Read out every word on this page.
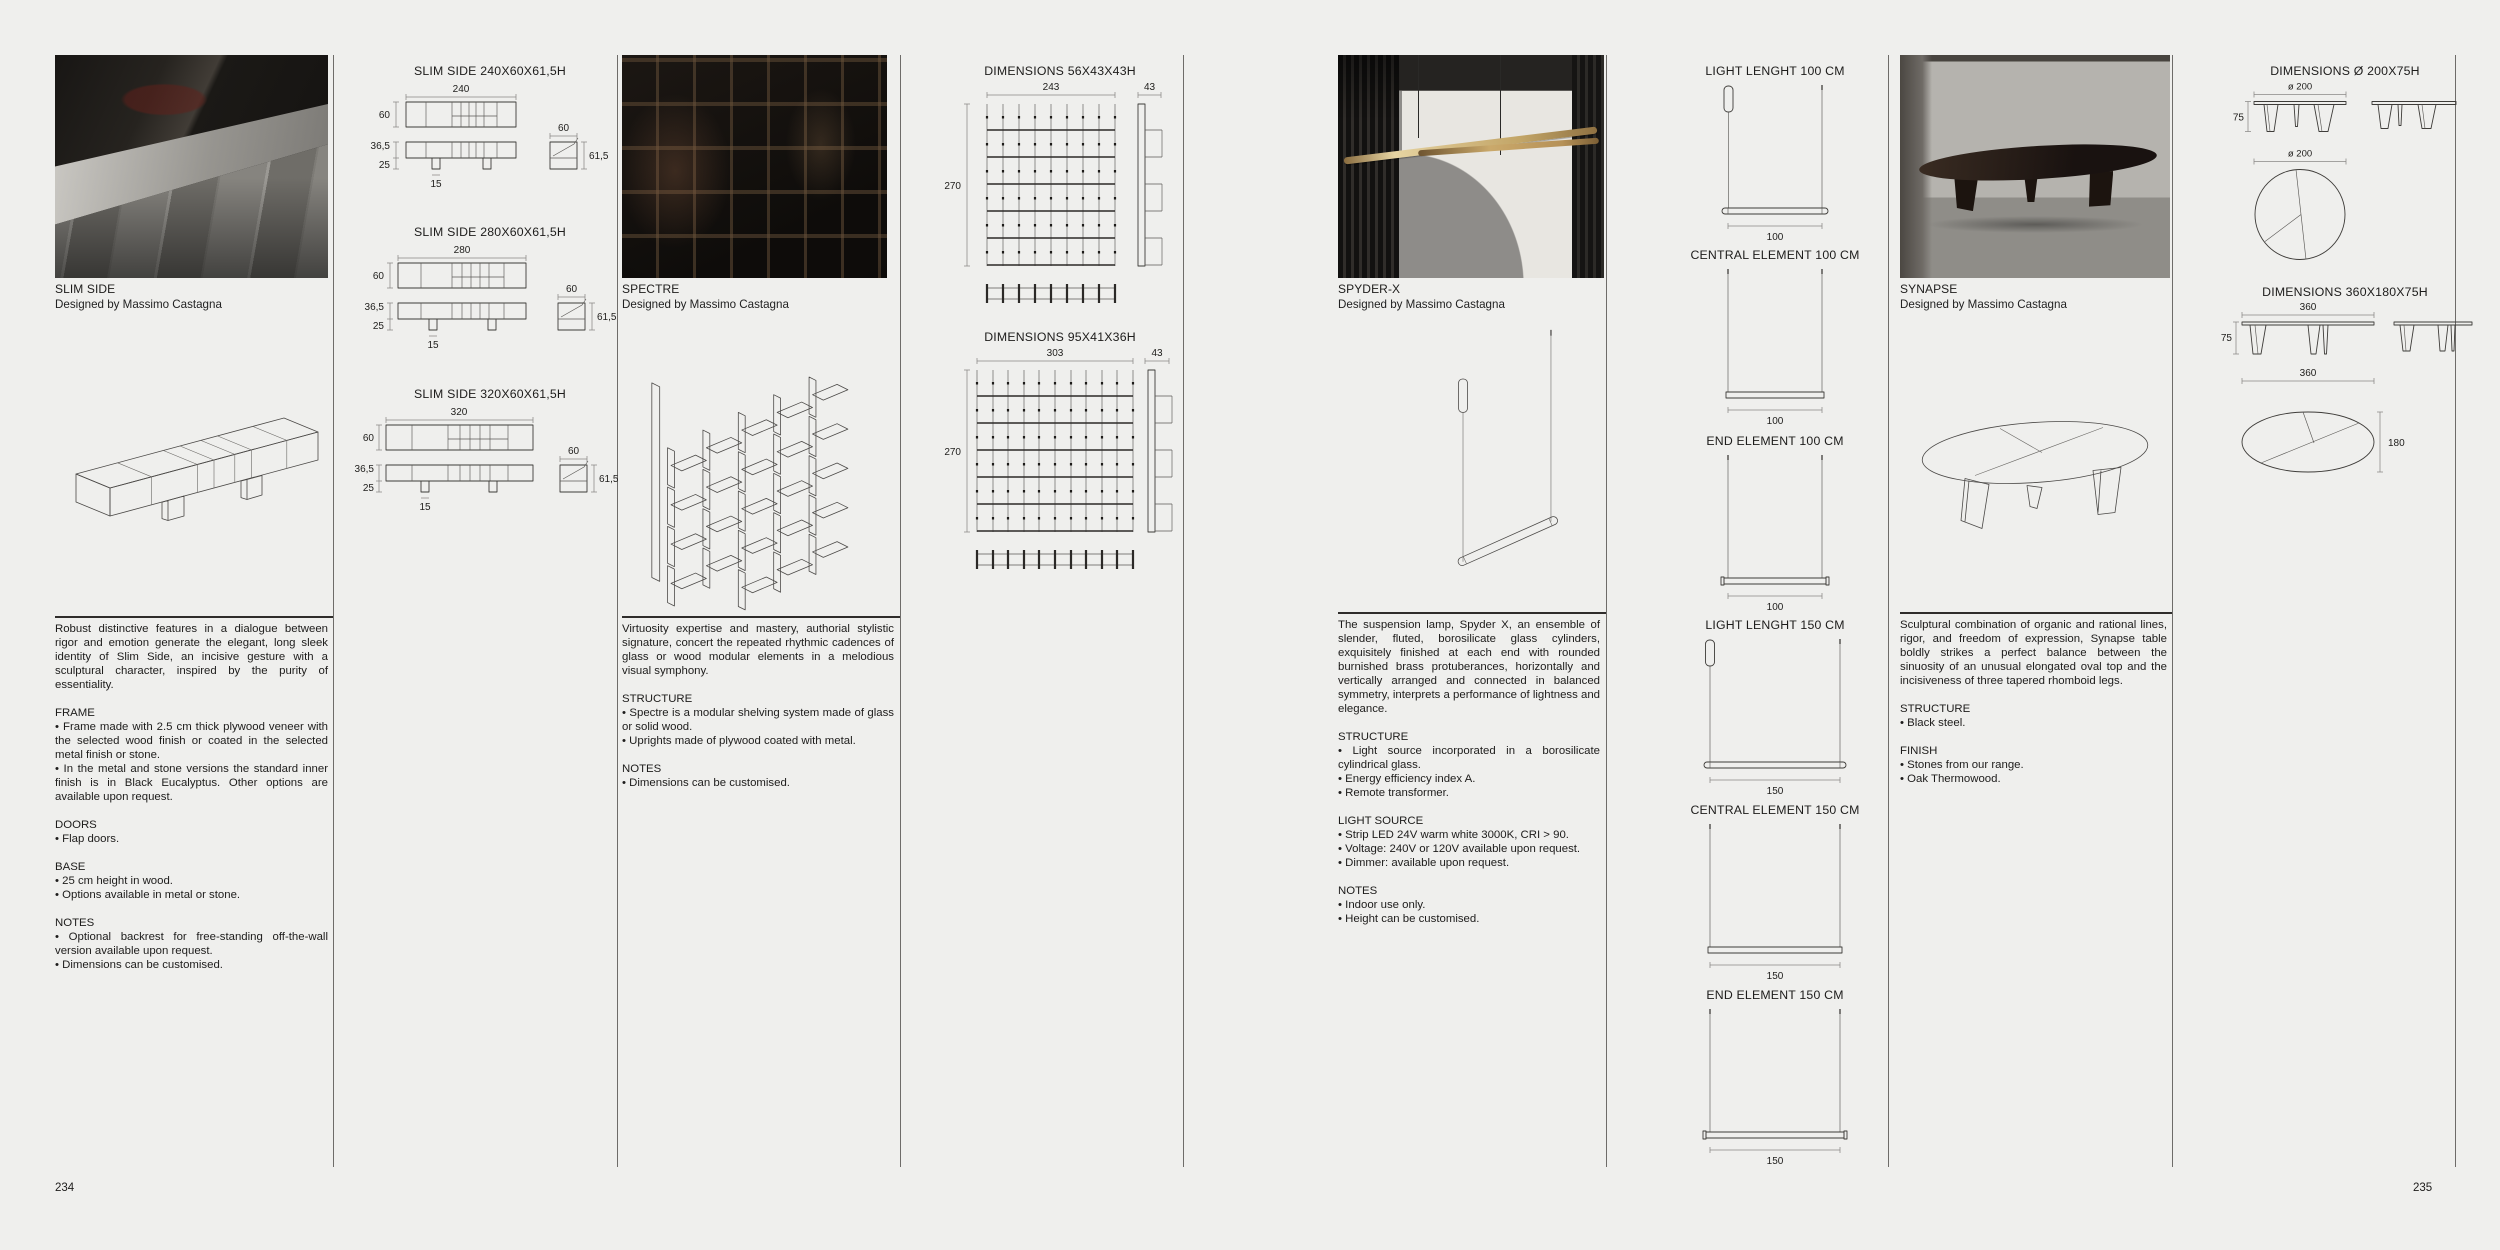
SLIM SIDE
Designed by Massimo Castagna

Robust distinctive features in a dialogue between rigor and emotion generate the elegant, long sleek identity of Slim Side, an incisive gesture with a sculptural character, inspired by the purity of essentiality.

FRAME
• Frame made with 2.5 cm thick plywood veneer with the selected wood finish or coated in the selected metal finish or stone.
• In the metal and stone versions the standard inner finish is in Black Eucalyptus. Other options are available upon request.
DOORS
• Flap doors.
BASE
• 25 cm height in wood.
• Options available in metal or stone.
NOTES
• Optional backrest for free-standing off-the-wall version available upon request.
• Dimensions can be customised.
SLIM SIDE 240X60X61,5H
240
60
36,5
25
15
60
61,5
SLIM SIDE 280X60X61,5H
280
60
36,5
25
15
60
61,5
SLIM SIDE 320X60X61,5H
320
60
36,5
25
15
60
61,5
SPECTRE
Designed by Massimo Castagna

Virtuosity expertise and mastery, authorial stylistic signature, concert the repeated rhythmic cadences of glass or wood modular elements in a melodious visual symphony.

STRUCTURE
• Spectre is a modular shelving system made of glass or solid wood.
• Uprights made of plywood coated with metal.
NOTES
• Dimensions can be customised.
DIMENSIONS 56X43X43H
243	43
270
DIMENSIONS 95X41X36H
303	43
270
SPYDER-X
Designed by Massimo Castagna

The suspension lamp, Spyder X, an ensemble of slender, fluted, borosilicate glass cylinders, exquisitely finished at each end with rounded burnished brass protuberances, horizontally and vertically arranged and connected in balanced symmetry, interprets a performance of lightness and elegance.

STRUCTURE
• Light source incorporated in a borosilicate cylindrical glass.
• Energy efficiency index A.
• Remote transformer.
LIGHT SOURCE
• Strip LED 24V warm white 3000K, CRI > 90.
• Voltage: 240V or 120V available upon request.
• Dimmer: available upon request.
NOTES
• Indoor use only.
• Height can be customised.
LIGHT LENGHT 100 CM
100
CENTRAL ELEMENT 100 CM
100
END ELEMENT 100 CM
100
LIGHT LENGHT 150 CM
150
CENTRAL ELEMENT 150 CM
150
END ELEMENT 150 CM
150
SYNAPSE
Designed by Massimo Castagna

Sculptural combination of organic and rational lines, rigor, and freedom of expression, Synapse table boldly strikes a perfect balance between the sinuosity of an unusual elongated oval top and the incisiveness of three tapered rhomboid legs.

STRUCTURE
• Black steel.
FINISH
• Stones from our range.
• Oak Thermowood.
DIMENSIONS Ø 200X75H
ø 200
75
ø 200
DIMENSIONS 360X180X75H
360
75
360
180
234	235
